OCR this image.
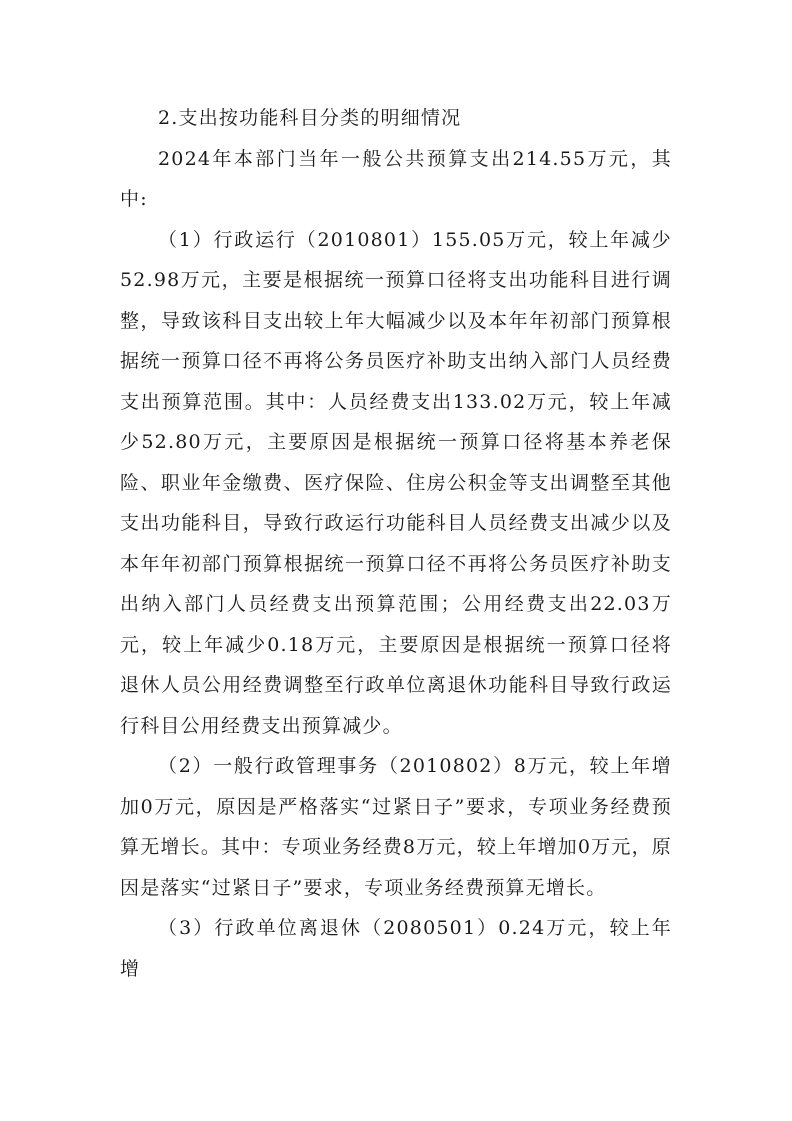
2.支出按功能科目分类的明细情况

2024年本部门当年一般公共预算支出214.55万元，其中:

（1）行政运行（2010801）155.05万元，较上年减少52.98万元，主要是根据统一预算口径将支出功能科目进行调整，导致该科目支出较上年大幅减少以及本年年初部门预算根据统一预算口径不再将公务员医疗补助支出纳入部门人员经费支出预算范围。其中：人员经费支出133.02万元，较上年减少52.80万元，主要原因是根据统一预算口径将基本养老保险、职业年金缴费、医疗保险、住房公积金等支出调整至其他支出功能科目，导致行政运行功能科目人员经费支出减少以及本年年初部门预算根据统一预算口径不再将公务员医疗补助支出纳入部门人员经费支出预算范围；公用经费支出22.03万元，较上年减少0.18万元，主要原因是根据统一预算口径将退休人员公用经费调整至行政单位离退休功能科目导致行政运行科目公用经费支出预算减少。

（2）一般行政管理事务（2010802）8万元，较上年增加0万元，原因是严格落实“过紧日子”要求，专项业务经费预算无增长。其中：专项业务经费8万元，较上年增加0万元，原因是落实“过紧日子”要求，专项业务经费预算无增长。

（3）行政单位离退休（2080501）0.24万元，较上年增
